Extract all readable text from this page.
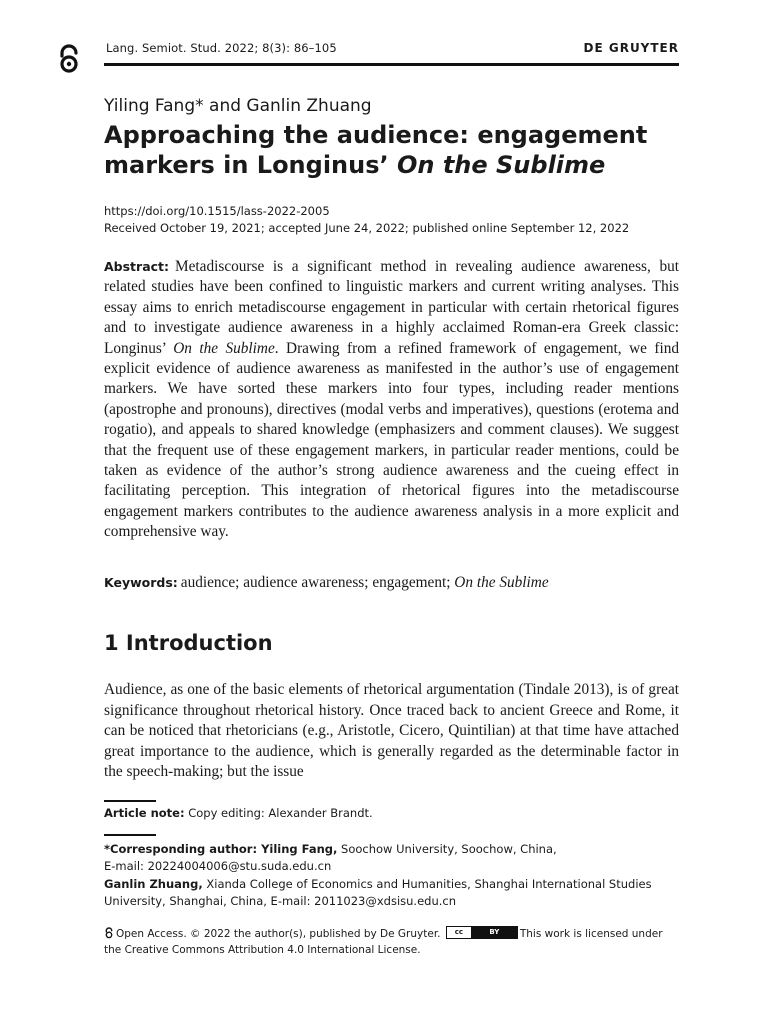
Lang. Semiot. Stud. 2022; 8(3): 86–105	DE GRUYTER
Yiling Fang* and Ganlin Zhuang
Approaching the audience: engagement markers in Longinus’ On the Sublime
https://doi.org/10.1515/lass-2022-2005
Received October 19, 2021; accepted June 24, 2022; published online September 12, 2022
Abstract: Metadiscourse is a significant method in revealing audience awareness, but related studies have been confined to linguistic markers and current writing analyses. This essay aims to enrich metadiscourse engagement in particular with certain rhetorical figures and to investigate audience awareness in a highly acclaimed Roman-era Greek classic: Longinus’ On the Sublime. Drawing from a refined framework of engagement, we find explicit evidence of audience awareness as manifested in the author’s use of engagement markers. We have sorted these markers into four types, including reader mentions (apostrophe and pronouns), directives (modal verbs and imperatives), questions (erotema and rogatio), and appeals to shared knowledge (emphasizers and comment clauses). We suggest that the frequent use of these engagement markers, in particular reader mentions, could be taken as evidence of the author’s strong audience awareness and the cueing effect in facilitating perception. This integration of rhetorical figures into the metadiscourse engagement markers contributes to the audience awareness analysis in a more explicit and comprehensive way.
Keywords: audience; audience awareness; engagement; On the Sublime
1 Introduction
Audience, as one of the basic elements of rhetorical argumentation (Tindale 2013), is of great significance throughout rhetorical history. Once traced back to ancient Greece and Rome, it can be noticed that rhetoricians (e.g., Aristotle, Cicero, Quintilian) at that time have attached great importance to the audience, which is generally regarded as the determinable factor in the speech-making; but the issue
Article note: Copy editing: Alexander Brandt.
*Corresponding author: Yiling Fang, Soochow University, Soochow, China,
E-mail: 20224004006@stu.suda.edu.cn
Ganlin Zhuang, Xianda College of Economics and Humanities, Shanghai International Studies University, Shanghai, China, E-mail: 2011023@xdsisu.edu.cn
Open Access. © 2022 the author(s), published by De Gruyter.	cc	BY	This work is licensed under the Creative Commons Attribution 4.0 International License.
